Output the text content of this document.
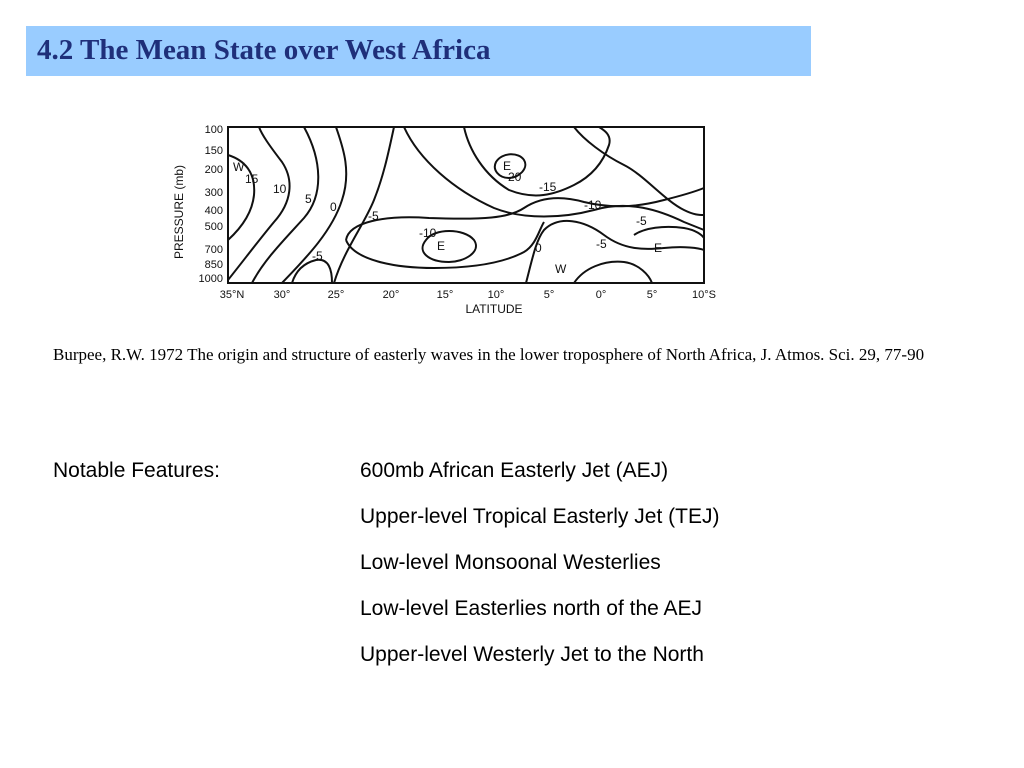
4.2 The Mean State over West Africa
PRESSURE (mb)
100
150
200
300
400
500
700
850
1000
W
15
10
5
0
-5
E
-20
-15
-10
-5
-10
E	0	-5	E
-5
W
35°N	30°	25°	20°	15°	10°	5°	0°	5°	10°S
LATITUDE
Burpee, R.W. 1972 The origin and structure of easterly waves in the lower troposphere of North Africa, J. Atmos. Sci. 29, 77-90
Notable Features:	600mb African Easterly Jet (AEJ)
Upper-level Tropical Easterly Jet (TEJ)
Low-level Monsoonal Westerlies
Low-level Easterlies north of the AEJ
Upper-level Westerly Jet to the North
